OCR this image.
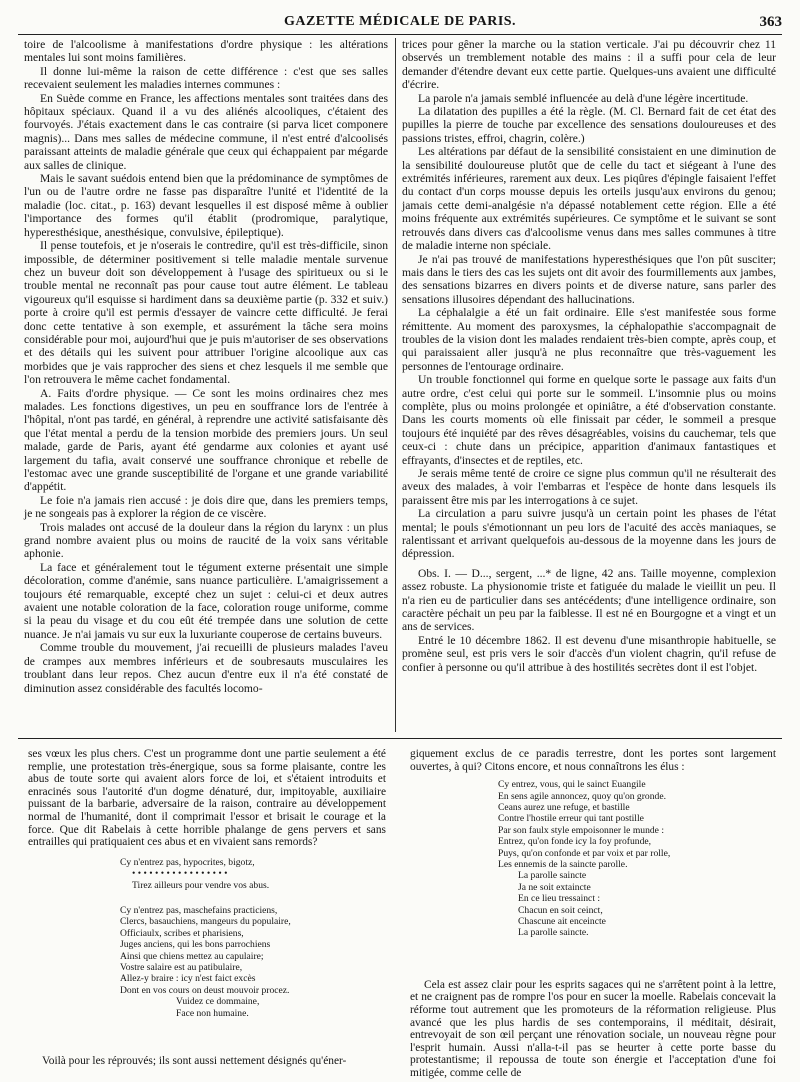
GAZETTE MÉDICALE DE PARIS.	363

toire de l'alcoolisme à manifestations d'ordre physique : les altérations mentales lui sont moins familières.

Il donne lui-même la raison de cette différence : c'est que ses salles recevaient seulement les maladies internes communes :

En Suède comme en France, les affections mentales sont traitées dans des hôpitaux spéciaux. Quand il a vu des aliénés alcooliques, c'étaient des fourvoyés. J'étais exactement dans le cas contraire (si parva licet componere magnis)... Dans mes salles de médecine commune, il n'est entré d'alcoolisés paraissant atteints de maladie générale que ceux qui échappaient par mégarde aux salles de clinique.

Mais le savant suédois entend bien que la prédominance de symptômes de l'un ou de l'autre ordre ne fasse pas disparaître l'unité et l'identité de la maladie (loc. citat., p. 163) devant lesquelles il est disposé même à oublier l'importance des formes qu'il établit (prodromique, paralytique, hyperesthésique, anesthésique, convulsive, épileptique).

Il pense toutefois, et je n'oserais le contredire, qu'il est très-difficile, sinon impossible, de déterminer positivement si telle maladie mentale survenue chez un buveur doit son développement à l'usage des spiritueux ou si le trouble mental ne reconnaît pas pour cause tout autre élément. Le tableau vigoureux qu'il esquisse si hardiment dans sa deuxième partie (p. 332 et suiv.) porte à croire qu'il est permis d'essayer de vaincre cette difficulté. Je ferai donc cette tentative à son exemple, et assurément la tâche sera moins considérable pour moi, aujourd'hui que je puis m'autoriser de ses observations et des détails qui les suivent pour attribuer l'origine alcoolique aux cas morbides que je vais rapprocher des siens et chez lesquels il me semble que l'on retrouvera le même cachet fondamental.

A. Faits d'ordre physique. — Ce sont les moins ordinaires chez mes malades. Les fonctions digestives, un peu en souffrance lors de l'entrée à l'hôpital, n'ont pas tardé, en général, à reprendre une activité satisfaisante dès que l'état mental a perdu de la tension morbide des premiers jours. Un seul malade, garde de Paris, ayant été gendarme aux colonies et ayant usé largement du tafia, avait conservé une souffrance chronique et rebelle de l'estomac avec une grande susceptibilité de l'organe et une grande variabilité d'appétit.

Le foie n'a jamais rien accusé : je dois dire que, dans les premiers temps, je ne songeais pas à explorer la région de ce viscère.

Trois malades ont accusé de la douleur dans la région du larynx : un plus grand nombre avaient plus ou moins de raucité de la voix sans véritable aphonie.

La face et généralement tout le tégument externe présentait une simple décoloration, comme d'anémie, sans nuance particulière. L'amaigrissement a toujours été remarquable, excepté chez un sujet : celui-ci et deux autres avaient une notable coloration de la face, coloration rouge uniforme, comme si la peau du visage et du cou eût été trempée dans une solution de cette nuance. Je n'ai jamais vu sur eux la luxuriante couperose de certains buveurs.

Comme trouble du mouvement, j'ai recueilli de plusieurs malades l'aveu de crampes aux membres inférieurs et de soubresauts musculaires les troublant dans leur repos. Chez aucun d'entre eux il n'a été constaté de diminution assez considérable des facultés locomo-

trices pour gêner la marche ou la station verticale. J'ai pu découvrir chez 11 observés un tremblement notable des mains : il a suffi pour cela de leur demander d'étendre devant eux cette partie. Quelques-uns avaient une difficulté d'écrire.

La parole n'a jamais semblé influencée au delà d'une légère incertitude.

La dilatation des pupilles a été la règle. (M. Cl. Bernard fait de cet état des pupilles la pierre de touche par excellence des sensations douloureuses et des passions tristes, effroi, chagrin, colère.)

Les altérations par défaut de la sensibilité consistaient en une diminution de la sensibilité douloureuse plutôt que de celle du tact et siégeant à l'une des extrémités inférieures, rarement aux deux. Les piqûres d'épingle faisaient l'effet du contact d'un corps mousse depuis les orteils jusqu'aux environs du genou; jamais cette demi-analgésie n'a dépassé notablement cette région. Elle a été moins fréquente aux extrémités supérieures. Ce symptôme et le suivant se sont retrouvés dans divers cas d'alcoolisme venus dans mes salles communes à titre de maladie interne non spéciale.

Je n'ai pas trouvé de manifestations hyperesthésiques que l'on pût susciter; mais dans le tiers des cas les sujets ont dit avoir des fourmillements aux jambes, des sensations bizarres en divers points et de diverse nature, sans parler des sensations illusoires dépendant des hallucinations.

La céphalalgie a été un fait ordinaire. Elle s'est manifestée sous forme rémittente. Au moment des paroxysmes, la céphalopathie s'accompagnait de troubles de la vision dont les malades rendaient très-bien compte, après coup, et qui paraissaient aller jusqu'à ne plus reconnaître que très-vaguement les personnes de l'entourage ordinaire.

Un trouble fonctionnel qui forme en quelque sorte le passage aux faits d'un autre ordre, c'est celui qui porte sur le sommeil. L'insomnie plus ou moins complète, plus ou moins prolongée et opiniâtre, a été d'observation constante. Dans les courts moments où elle finissait par céder, le sommeil a presque toujours été inquiété par des rêves désagréables, voisins du cauchemar, tels que ceux-ci : chute dans un précipice, apparition d'animaux fantastiques et effrayants, d'insectes et de reptiles, etc.

Je serais même tenté de croire ce signe plus commun qu'il ne résulterait des aveux des malades, à voir l'embarras et l'espèce de honte dans lesquels ils paraissent être mis par les interrogations à ce sujet.

La circulation a paru suivre jusqu'à un certain point les phases de l'état mental; le pouls s'émotionnant un peu lors de l'acuité des accès maniaques, se ralentissant et arrivant quelquefois au-dessous de la moyenne dans les jours de dépression.

Obs. I. — D..., sergent, ...* de ligne, 42 ans. Taille moyenne, complexion assez robuste. La physionomie triste et fatiguée du malade le vieillit un peu. Il n'a rien eu de particulier dans ses antécédents; d'une intelligence ordinaire, son caractère péchait un peu par la faiblesse. Il est né en Bourgogne et a vingt et un ans de services.

Entré le 10 décembre 1862. Il est devenu d'une misanthropie habituelle, se promène seul, est pris vers le soir d'accès d'un violent chagrin, qu'il refuse de confier à personne ou qu'il attribue à des hostilités secrètes dont il est l'objet.

ses vœux les plus chers. C'est un programme dont une partie seulement a été remplie, une protestation très-énergique, sous sa forme plaisante, contre les abus de toute sorte qui avaient alors force de loi, et s'étaient introduits et enracinés sous l'autorité d'un dogme dénaturé, dur, impitoyable, auxiliaire puissant de la barbarie, adversaire de la raison, contraire au développement normal de l'humanité, dont il comprimait l'essor et brisait le courage et la force. Que dit Rabelais à cette horrible phalange de gens pervers et sans entrailles qui pratiquaient ces abus et en vivaient sans remords?

Cy n'entrez pas, hypocrites, bigotz,
• • • • • • • • • • • • • • • • •
Tirez ailleurs pour vendre vos abus.
Cy n'entrez pas, maschefains practiciens,
Clercs, basauchiens, mangeurs du populaire,
Officiaulx, scribes et pharisiens,
Juges anciens, qui les bons parrochiens
Ainsi que chiens mettez au capulaire;
Vostre salaire est au patibulaire,
Allez-y braire : icy n'est faict excès
Dont en vos cours on deust mouvoir procez.
Vuidez ce dommaine,
Face non humaine.

Voilà pour les réprouvés; ils sont aussi nettement désignés qu'éner-

giquement exclus de ce paradis terrestre, dont les portes sont largement ouvertes, à qui? Citons encore, et nous connaîtrons les élus :

Cy entrez, vous, qui le sainct Euangile
En sens agile annoncez, quoy qu'on gronde.
Ceans aurez une refuge, et bastille
Contre l'hostile erreur qui tant postille
Par son faulx style empoisonner le munde :
Entrez, qu'on fonde icy la foy profunde,
Puys, qu'on confonde et par voix et par rolle,
Les ennemis de la saincte parolle.
La parolle saincte
Ja ne soit extaincte
En ce lieu tressainct :
Chacun en soit ceinct,
Chascune ait enceincte
La parolle saincte.

Cela est assez clair pour les esprits sagaces qui ne s'arrêtent point à la lettre, et ne craignent pas de rompre l'os pour en sucer la moelle. Rabelais concevait la réforme tout autrement que les promoteurs de la réformation religieuse. Plus avancé que les plus hardis de ses contemporains, il méditait, désirait, entrevoyait de son œil perçant une rénovation sociale, un nouveau règne pour l'esprit humain. Aussi n'alla-t-il pas se heurter à cette porte basse du protestantisme; il repoussa de toute son énergie et l'acceptation d'une foi mitigée, comme celle de
